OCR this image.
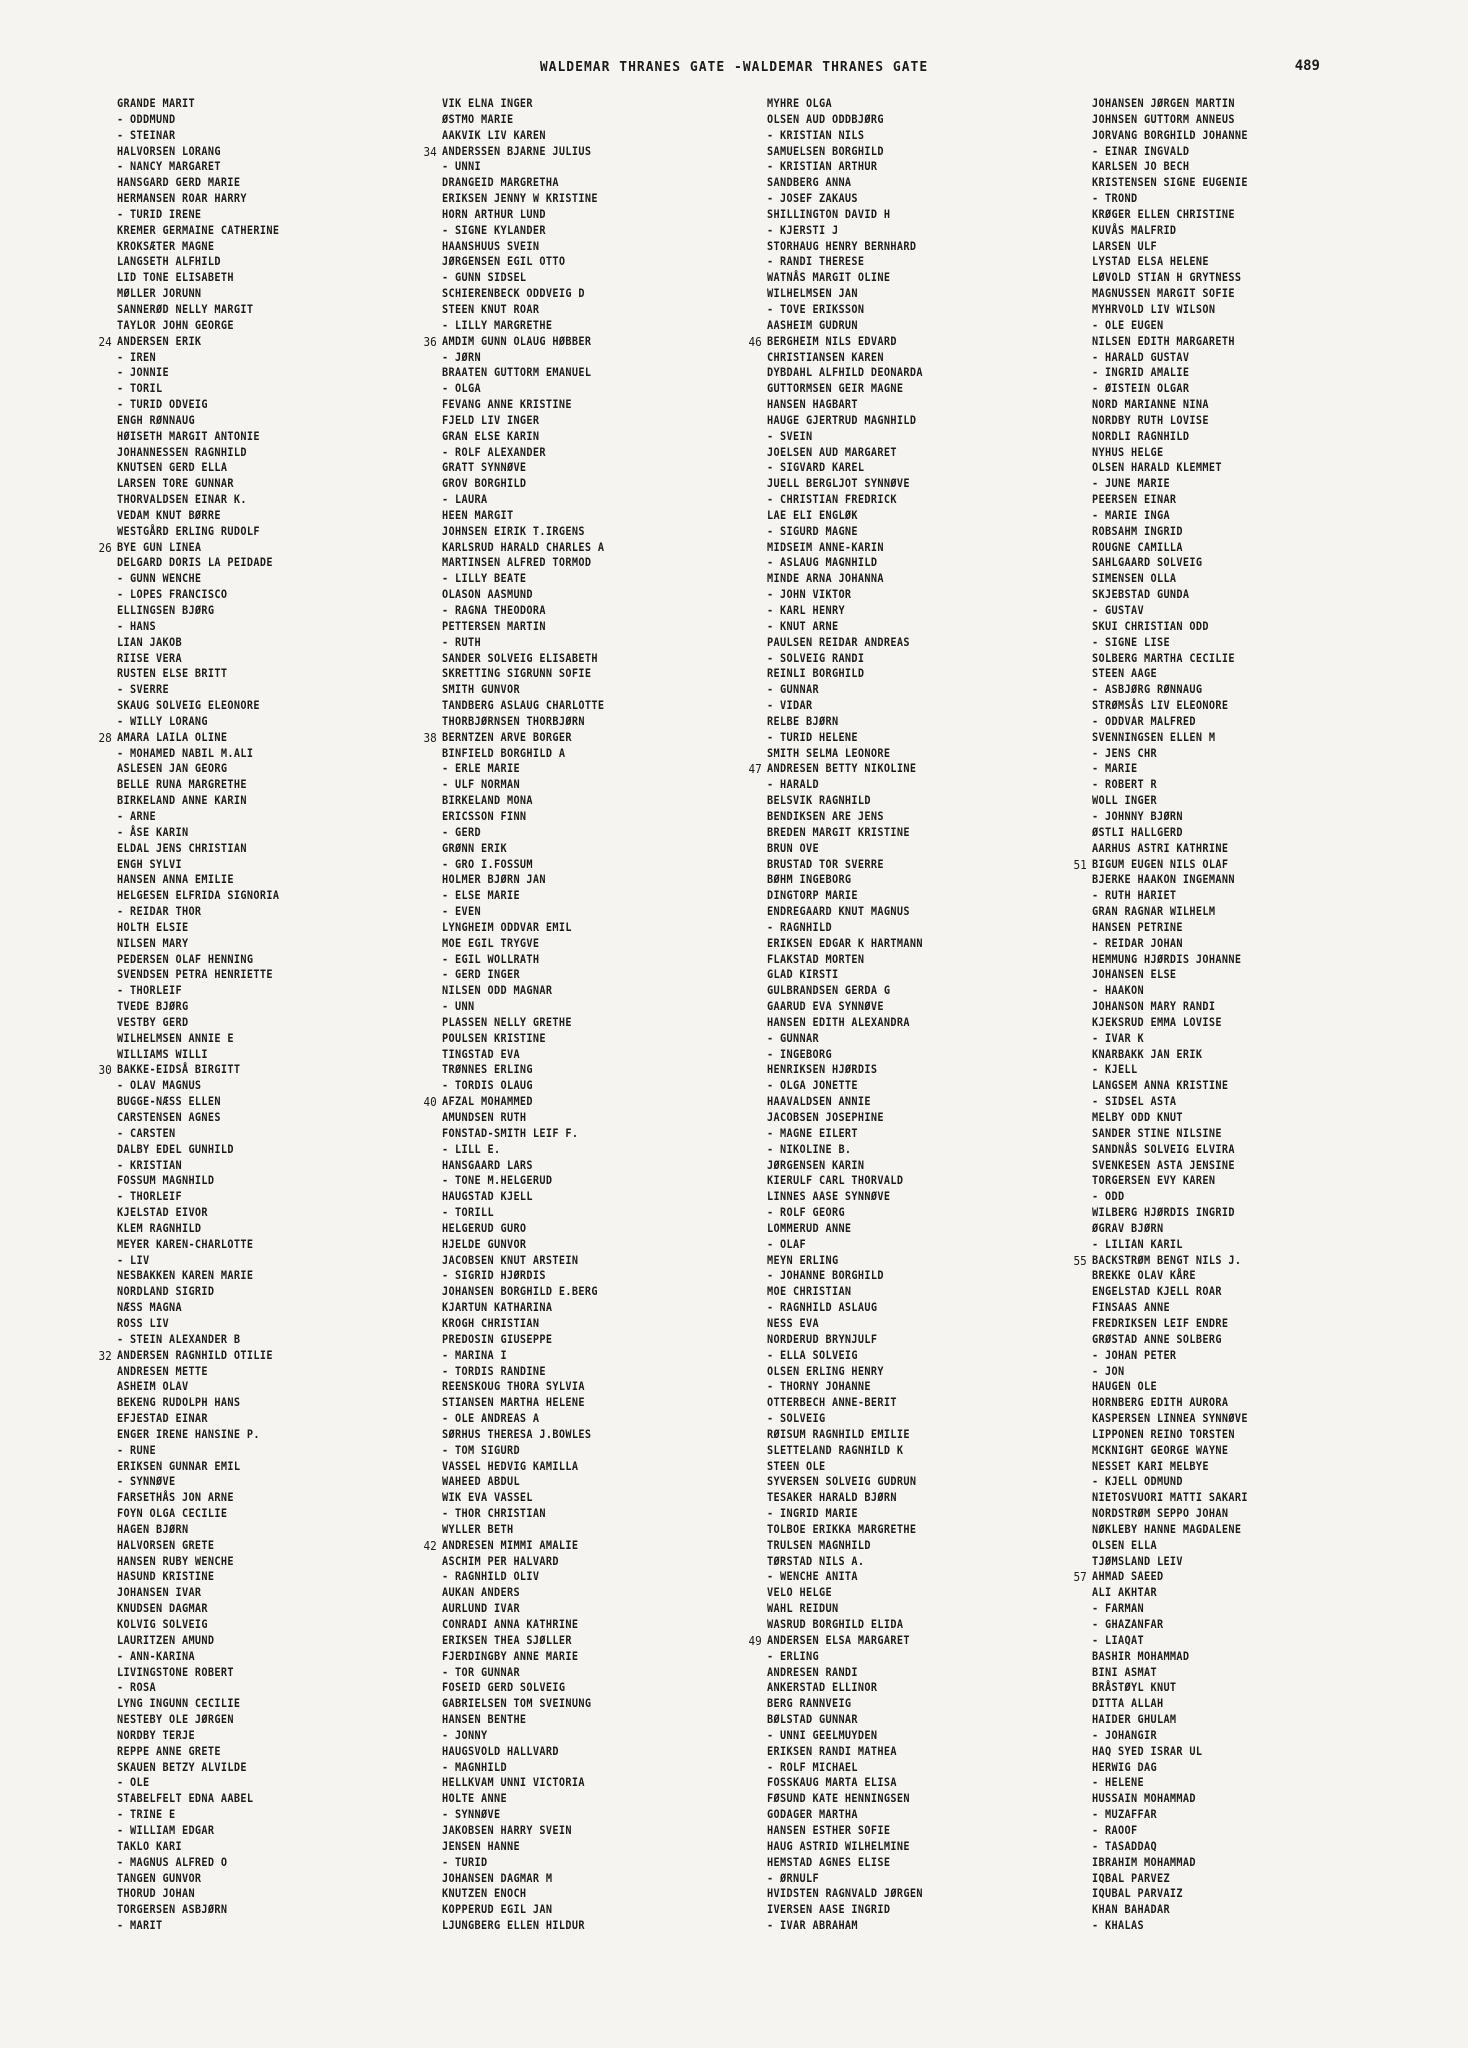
WALDEMAR THRANES GATE -WALDEMAR THRANES GATE	489
GRANDE MARIT
- ODDMUND
- STEINAR
HALVORSEN LORANG
- NANCY MARGARET
HANSGARD GERD MARIE
HERMANSEN ROAR HARRY
- TURID IRENE
KREMER GERMAINE CATHERINE
KROKSÆTER MAGNE
LANGSETH ALFHILD
LID TONE ELISABETH
MØLLER JORUNN
SANNERØD NELLY MARGIT
TAYLOR JOHN GEORGE
24 ANDERSEN ERIK
- IREN
- JONNIE
- TORIL
- TURID ODVEIG
ENGH RØNNAUG
HØISETH MARGIT ANTONIE
JOHANNESSEN RAGNHILD
KNUTSEN GERD ELLA
LARSEN TORE GUNNAR
THORVALDSEN EINAR K.
VEDAM KNUT BØRRE
WESTGÅRD ERLING RUDOLF
26 BYE GUN LINEA
DELGARD DORIS LA PEIDADE
- GUNN WENCHE
- LOPES FRANCISCO
ELLINGSEN BJØRG
- HANS
LIAN JAKOB
RIISE VERA
RUSTEN ELSE BRITT
- SVERRE
SKAUG SOLVEIG ELEONORE
- WILLY LORANG
28 AMARA LAILA OLINE
- MOHAMED NABIL M.ALI
ASLESEN JAN GEORG
BELLE RUNA MARGRETHE
BIRKELAND ANNE KARIN
- ARNE
- ÅSE KARIN
ELDAL JENS CHRISTIAN
ENGH SYLVI
HANSEN ANNA EMILIE
HELGESEN ELFRIDA SIGNORIA
- REIDAR THOR
HOLTH ELSIE
NILSEN MARY
PEDERSEN OLAF HENNING
SVENDSEN PETRA HENRIETTE
- THORLEIF
TVEDE BJØRG
VESTBY GERD
WILHELMSEN ANNIE E
WILLIAMS WILLI
30 BAKKE-EIDSÅ BIRGITT
- OLAV MAGNUS
BUGGE-NÆSS ELLEN
CARSTENSEN AGNES
- CARSTEN
DALBY EDEL GUNHILD
- KRISTIAN
FOSSUM MAGNHILD
- THORLEIF
KJELSTAD EIVOR
KLEM RAGNHILD
MEYER KAREN-CHARLOTTE
- LIV
NESBAKKEN KAREN MARIE
NORDLAND SIGRID
NÆSS MAGNA
ROSS LIV
- STEIN ALEXANDER B
32 ANDERSEN RAGNHILD OTILIE
ANDRESEN METTE
ASHEIM OLAV
BEKENG RUDOLPH HANS
EFJESTAD EINAR
ENGER IRENE HANSINE P.
- RUNE
ERIKSEN GUNNAR EMIL
- SYNNØVE
FARSETHÅS JON ARNE
FOYN OLGA CECILIE
HAGEN BJØRN
HALVORSEN GRETE
HANSEN RUBY WENCHE
HASUND KRISTINE
JOHANSEN IVAR
KNUDSEN DAGMAR
KOLVIG SOLVEIG
LAURITZEN AMUND
- ANN-KARINA
LIVINGSTONE ROBERT
- ROSA
LYNG INGUNN CECILIE
NESTEBY OLE JØRGEN
NORDBY TERJE
REPPE ANNE GRETE
SKAUEN BETZY ALVILDE
- OLE
STABELFELT EDNA AABEL
- TRINE E
- WILLIAM EDGAR
TAKLO KARI
- MAGNUS ALFRED O
TANGEN GUNVOR
THORUD JOHAN
TORGERSEN ASBJØRN
- MARIT
VIK ELNA INGER
ØSTMO MARIE
AAKVIK LIV KAREN
34 ANDERSSEN BJARNE JULIUS
- UNNI
DRANGEID MARGRETHA
ERIKSEN JENNY W KRISTINE
HORN ARTHUR LUND
- SIGNE KYLANDER
HAANSHUUS SVEIN
JØRGENSEN EGIL OTTO
- GUNN SIDSEL
SCHIERENBECK ODDVEIG D
STEEN KNUT ROAR
- LILLY MARGRETHE
36 AMDIM GUNN OLAUG HØBBER
- JØRN
BRAATEN GUTTORM EMANUEL
- OLGA
FEVANG ANNE KRISTINE
FJELD LIV INGER
GRAN ELSE KARIN
- ROLF ALEXANDER
GRATT SYNNØVE
GROV BORGHILD
- LAURA
HEEN MARGIT
JOHNSEN EIRIK T.IRGENS
KARLSRUD HARALD CHARLES A
MARTINSEN ALFRED TORMOD
- LILLY BEATE
OLASON AASMUND
- RAGNA THEODORA
PETTERSEN MARTIN
- RUTH
SANDER SOLVEIG ELISABETH
SKRETTING SIGRUNN SOFIE
SMITH GUNVOR
TANDBERG ASLAUG CHARLOTTE
THORBJØRNSEN THORBJØRN
38 BERNTZEN ARVE BORGER
BINFIELD BORGHILD A
- ERLE MARIE
- ULF NORMAN
BIRKELAND MONA
ERICSSON FINN
- GERD
GRØNN ERIK
- GRO I.FOSSUM
HOLMER BJØRN JAN
- ELSE MARIE
- EVEN
LYNGHEIM ODDVAR EMIL
MOE EGIL TRYGVE
- EGIL WOLLRATH
- GERD INGER
NILSEN ODD MAGNAR
- UNN
PLASSEN NELLY GRETHE
POULSEN KRISTINE
TINGSTAD EVA
TRØNNES ERLING
- TORDIS OLAUG
40 AFZAL MOHAMMED
AMUNDSEN RUTH
FONSTAD-SMITH LEIF F.
- LILL E.
HANSGAARD LARS
- TONE M.HELGERUD
HAUGSTAD KJELL
- TORILL
HELGERUD GURO
HJELDE GUNVOR
JACOBSEN KNUT ARSTEIN
- SIGRID HJØRDIS
JOHANSEN BORGHILD E.BERG
KJARTUN KATHARINA
KROGH CHRISTIAN
PREDOSIN GIUSEPPE
- MARINA I
- TORDIS RANDINE
REENSKOUG THORA SYLVIA
STIANSEN MARTHA HELENE
- OLE ANDREAS A
SØRHUS THERESA J.BOWLES
- TOM SIGURD
VASSEL HEDVIG KAMILLA
WAHEED ABDUL
WIK EVA VASSEL
- THOR CHRISTIAN
WYLLER BETH
42 ANDRESEN MIMMI AMALIE
ASCHIM PER HALVARD
- RAGNHILD OLIV
AUKAN ANDERS
AURLUND IVAR
CONRADI ANNA KATHRINE
ERIKSEN THEA SJØLLER
FJERDINGBY ANNE MARIE
- TOR GUNNAR
FOSEID GERD SOLVEIG
GABRIELSEN TOM SVEINUNG
HANSEN BENTHE
- JONNY
HAUGSVOLD HALLVARD
- MAGNHILD
HELLKVAM UNNI VICTORIA
HOLTE ANNE
- SYNNØVE
JAKOBSEN HARRY SVEIN
JENSEN HANNE
- TURID
JOHANSEN DAGMAR M
KNUTZEN ENOCH
KOPPERUD EGIL JAN
LJUNGBERG ELLEN HILDUR
MYHRE OLGA
OLSEN AUD ODDBJØRG
- KRISTIAN NILS
SAMUELSEN BORGHILD
- KRISTIAN ARTHUR
SANDBERG ANNA
- JOSEF ZAKAUS
SHILLINGTON DAVID H
- KJERSTI J
STORHAUG HENRY BERNHARD
- RANDI THERESE
WATNÅS MARGIT OLINE
WILHELMSEN JAN
- TOVE ERIKSSON
AASHEIM GUDRUN
46 BERGHEIM NILS EDVARD
CHRISTIANSEN KAREN
DYBDAHL ALFHILD DEONARDA
GUTTORMSEN GEIR MAGNE
HANSEN HAGBART
HAUGE GJERTRUD MAGNHILD
- SVEIN
JOELSEN AUD MARGARET
- SIGVARD KAREL
JUELL BERGLJOT SYNNØVE
- CHRISTIAN FREDRICK
LAE ELI ENGLØK
- SIGURD MAGNE
MIDSEIM ANNE-KARIN
- ASLAUG MAGNHILD
MINDE ARNA JOHANNA
- JOHN VIKTOR
- KARL HENRY
- KNUT ARNE
PAULSEN REIDAR ANDREAS
- SOLVEIG RANDI
REINLI BORGHILD
- GUNNAR
- VIDAR
RELBE BJØRN
- TURID HELENE
SMITH SELMA LEONORE
47 ANDRESEN BETTY NIKOLINE
- HARALD
BELSVIK RAGNHILD
BENDIKSEN ARE JENS
BREDEN MARGIT KRISTINE
BRUN OVE
BRUSTAD TOR SVERRE
BØHM INGEBORG
DINGTORP MARIE
ENDREGAARD KNUT MAGNUS
- RAGNHILD
ERIKSEN EDGAR K HARTMANN
FLAKSTAD MORTEN
GLAD KIRSTI
GULBRANDSEN GERDA G
GAARUD EVA SYNNØVE
HANSEN EDITH ALEXANDRA
- GUNNAR
- INGEBORG
HENRIKSEN HJØRDIS
- OLGA JONETTE
HAAVALDSEN ANNIE
JACOBSEN JOSEPHINE
- MAGNE EILERT
- NIKOLINE B.
JØRGENSEN KARIN
KIERULF CARL THORVALD
LINNES AASE SYNNØVE
- ROLF GEORG
LOMMERUD ANNE
- OLAF
MEYN ERLING
- JOHANNE BORGHILD
MOE CHRISTIAN
- RAGNHILD ASLAUG
NESS EVA
NORDERUD BRYNJULF
- ELLA SOLVEIG
OLSEN ERLING HENRY
- THORNY JOHANNE
OTTERBECH ANNE-BERIT
- SOLVEIG
RØISUM RAGNHILD EMILIE
SLETTELAND RAGNHILD K
STEEN OLE
SYVERSEN SOLVEIG GUDRUN
TESAKER HARALD BJØRN
- INGRID MARIE
TOLBOE ERIKKA MARGRETHE
TRULSEN MAGNHILD
TØRSTAD NILS A.
- WENCHE ANITA
VELO HELGE
WAHL REIDUN
WASRUD BORGHILD ELIDA
49 ANDERSEN ELSA MARGARET
- ERLING
ANDRESEN RANDI
ANKERSTAD ELLINOR
BERG RANNVEIG
BØLSTAD GUNNAR
- UNNI GEELMUYDEN
ERIKSEN RANDI MATHEA
- ROLF MICHAEL
FOSSKAUG MARTA ELISA
FØSUND KATE HENNINGSEN
GODAGER MARTHA
HANSEN ESTHER SOFIE
HAUG ASTRID WILHELMINE
HEMSTAD AGNES ELISE
- ØRNULF
HVIDSTEN RAGNVALD JØRGEN
IVERSEN AASE INGRID
- IVAR ABRAHAM
JOHANSEN JØRGEN MARTIN
JOHNSEN GUTTORM ANNEUS
JORVANG BORGHILD JOHANNE
- EINAR INGVALD
KARLSEN JO BECH
KRISTENSEN SIGNE EUGENIE
- TROND
KRØGER ELLEN CHRISTINE
KUVÅS MALFRID
LARSEN ULF
LYSTAD ELSA HELENE
LØVOLD STIAN H GRYTNESS
MAGNUSSEN MARGIT SOFIE
MYHRVOLD LIV WILSON
- OLE EUGEN
NILSEN EDITH MARGARETH
- HARALD GUSTAV
- INGRID AMALIE
- ØISTEIN OLGAR
NORD MARIANNE NINA
NORDBY RUTH LOVISE
NORDLI RAGNHILD
NYHUS HELGE
OLSEN HARALD KLEMMET
- JUNE MARIE
PEERSEN EINAR
- MARIE INGA
ROBSAHM INGRID
ROUGNE CAMILLA
SAHLGAARD SOLVEIG
SIMENSEN OLLA
SKJEBSTAD GUNDA
- GUSTAV
SKUI CHRISTIAN ODD
- SIGNE LISE
SOLBERG MARTHA CECILIE
STEEN AAGE
- ASBJØRG RØNNAUG
STRØMSÅS LIV ELEONORE
- ODDVAR MALFRED
SVENNINGSEN ELLEN M
- JENS CHR
- MARIE
- ROBERT R
WOLL INGER
- JOHNNY BJØRN
ØSTLI HALLGERD
AARHUS ASTRI KATHRINE
51 BIGUM EUGEN NILS OLAF
BJERKE HAAKON INGEMANN
- RUTH HARIET
GRAN RAGNAR WILHELM
HANSEN PETRINE
- REIDAR JOHAN
HEMMUNG HJØRDIS JOHANNE
JOHANSEN ELSE
- HAAKON
JOHANSON MARY RANDI
KJEKSRUD EMMA LOVISE
- IVAR K
KNARBAKK JAN ERIK
- KJELL
LANGSEM ANNA KRISTINE
- SIDSEL ASTA
MELBY ODD KNUT
SANDER STINE NILSINE
SANDNÅS SOLVEIG ELVIRA
SVENKESEN ASTA JENSINE
TORGERSEN EVY KAREN
- ODD
WILBERG HJØRDIS INGRID
ØGRAV BJØRN
- LILIAN KARIL
55 BACKSTRØM BENGT NILS J.
BREKKE OLAV KÅRE
ENGELSTAD KJELL ROAR
FINSAAS ANNE
FREDRIKSEN LEIF ENDRE
GRØSTAD ANNE SOLBERG
- JOHAN PETER
- JON
HAUGEN OLE
HORNBERG EDITH AURORA
KASPERSEN LINNEA SYNNØVE
LIPPONEN REINO TORSTEN
MCKNIGHT GEORGE WAYNE
NESSET KARI MELBYE
- KJELL ODMUND
NIETOSVUORI MATTI SAKARI
NORDSTRØM SEPPO JOHAN
NØKLEBY HANNE MAGDALENE
OLSEN ELLA
TJØMSLAND LEIV
57 AHMAD SAEED
ALI AKHTAR
- FARMAN
- GHAZANFAR
- LIAQAT
BASHIR MOHAMMAD
BINI ASMAT
BRÅSTØYL KNUT
DITTA ALLAH
HAIDER GHULAM
- JOHANGIR
HAQ SYED ISRAR UL
HERWIG DAG
- HELENE
HUSSAIN MOHAMMAD
- MUZAFFAR
- RAOOF
- TASADDAQ
IBRAHIM MOHAMMAD
IQBAL PARVEZ
IQUBAL PARVAIZ
KHAN BAHADAR
- KHALAS
